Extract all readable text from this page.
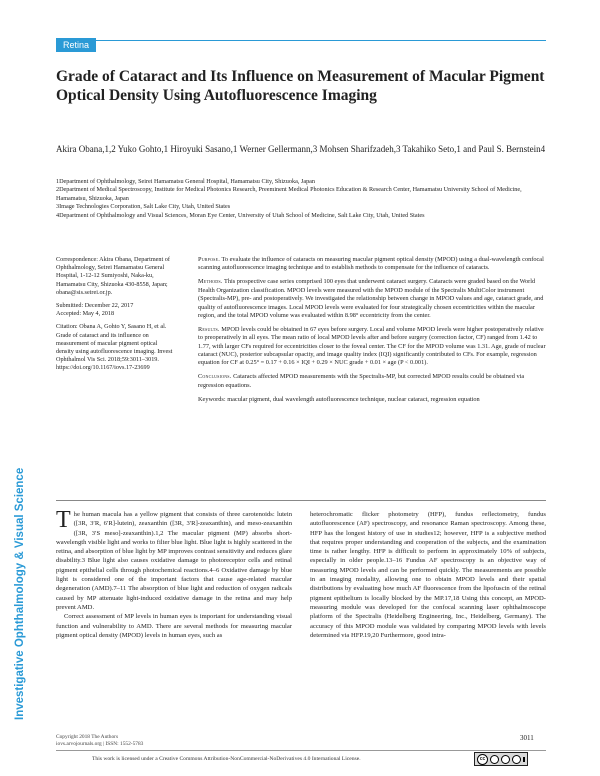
Retina
Grade of Cataract and Its Influence on Measurement of Macular Pigment Optical Density Using Autofluorescence Imaging
Akira Obana,1,2 Yuko Gohto,1 Hiroyuki Sasano,1 Werner Gellermann,3 Mohsen Sharifzadeh,3 Takahiko Seto,1 and Paul S. Bernstein4
1Department of Ophthalmology, Seirei Hamamatsu General Hospital, Hamamatsu City, Shizuoka, Japan
2Department of Medical Spectroscopy, Institute for Medical Photonics Research, Preeminent Medical Photonics Education & Research Center, Hamamatsu University School of Medicine, Hamamatsu, Shizuoka, Japan
3Image Technologies Corporation, Salt Lake City, Utah, United States
4Department of Ophthalmology and Visual Sciences, Moran Eye Center, University of Utah School of Medicine, Salt Lake City, Utah, United States

Correspondence: Akira Obana, Department of Ophthalmology, Seirei Hamamatsu General Hospital, 1-12-12 Sumiyoshi, Naka-ku, Hamamatsu City, Shizuoka 430-8558, Japan; obana@sis.seirei.or.jp.

Submitted: December 22, 2017

Accepted: May 4, 2018

Citation: Obana A, Gohto Y, Sasano H, et al. Grade of cataract and its influence on measurement of macular pigment optical density using autofluorescence imaging. Invest Ophthalmol Vis Sci. 2018;59:3011–3019. https://doi.org/10.1167/iovs.17-23699

Purpose. To evaluate the influence of cataracts on measuring macular pigment optical density (MPOD) using a dual-wavelength confocal scanning autofluorescence imaging technique and to establish methods to compensate for the influence of cataracts.

Methods. This prospective case series comprised 100 eyes that underwent cataract surgery. Cataracts were graded based on the World Health Organization classification. MPOD levels were measured with the MPOD module of the Spectralis MultiColor instrument (Spectralis-MP), pre- and postoperatively. We investigated the relationship between change in MPOD values and age, cataract grade, and quality of autofluorescence images. Local MPOD levels were evaluated for four strategically chosen eccentricities within the macular region, and the total MPOD volume was evaluated within 8.98° eccentricity from the center.

Results. MPOD levels could be obtained in 67 eyes before surgery. Local and volume MPOD levels were higher postoperatively relative to preoperatively in all eyes. The mean ratio of local MPOD levels after and before surgery (correction factor, CF) ranged from 1.42 to 1.77, with larger CFs required for eccentricities closer to the foveal center. The CF for the MPOD volume was 1.31. Age, grade of nuclear cataract (NUC), posterior subcapsular opacity, and image quality index (IQI) significantly contributed to CFs. For example, regression equation for CF at 0.25° = 0.17 + 0.16 × IQI + 0.29 × NUC grade + 0.01 × age (P < 0.001).

Conclusions. Cataracts affected MPOD measurements with the Spectralis-MP, but corrected MPOD results could be obtained via regression equations.

Keywords: macular pigment, dual wavelength autofluorescence technique, nuclear cataract, regression equation

The human macula has a yellow pigment that consists of three carotenoids: lutein ([3R, 3′R, 6′R]-lutein), zeaxanthin ([3R, 3′R]-zeaxanthin), and meso-zeaxanthin ([3R, 3′S meso]-zeaxanthin).1,2 The macular pigment (MP) absorbs short-wavelength visible light and works to filter blue light. Blue light is highly scattered in the retina, and absorption of blue light by MP improves contrast sensitivity and reduces glare disability.3 Blue light also causes oxidative damage to photoreceptor cells and retinal pigment epithelial cells through photochemical reactions.4–6 Oxidative damage by blue light is considered one of the important factors that cause age-related macular degeneration (AMD).7–11 The absorption of blue light and reduction of oxygen radicals caused by MP attenuate light-induced oxidative damage in the retina and may help prevent AMD.

Correct assessment of MP levels in human eyes is important for understanding visual function and vulnerability to AMD. There are several methods for measuring macular pigment optical density (MPOD) levels in human eyes, such as

heterochromatic flicker photometry (HFP), fundus reflectometry, fundus autofluorescence (AF) spectroscopy, and resonance Raman spectroscopy. Among these, HFP has the longest history of use in studies12; however, HFP is a subjective method that requires proper understanding and cooperation of the subjects, and the examination time is rather lengthy. HFP is difficult to perform in approximately 10% of subjects, especially in older people.13–16 Fundus AF spectroscopy is an objective way of measuring MPOD levels and can be performed quickly. The measurements are possible in an imaging modality, allowing one to obtain MPOD levels and their spatial distributions by evaluating how much AF fluorescence from the lipofuscin of the retinal pigment epithelium is locally blocked by the MP.17,18 Using this concept, an MPOD-measuring module was developed for the confocal scanning laser ophthalmoscope platform of the Spectralis (Heidelberg Engineering, Inc., Heidelberg, Germany). The accuracy of this MPOD module was validated by comparing MPOD levels with levels determined via HFP.19,20 Furthermore, good intra-

Investigative Ophthalmology & Visual Science
Copyright 2018 The Authors
iovs.arvojournals.org | ISSN: 1552-5783
3011
This work is licensed under a Creative Commons Attribution-NonCommercial-NoDerivatives 4.0 International License.	cc
